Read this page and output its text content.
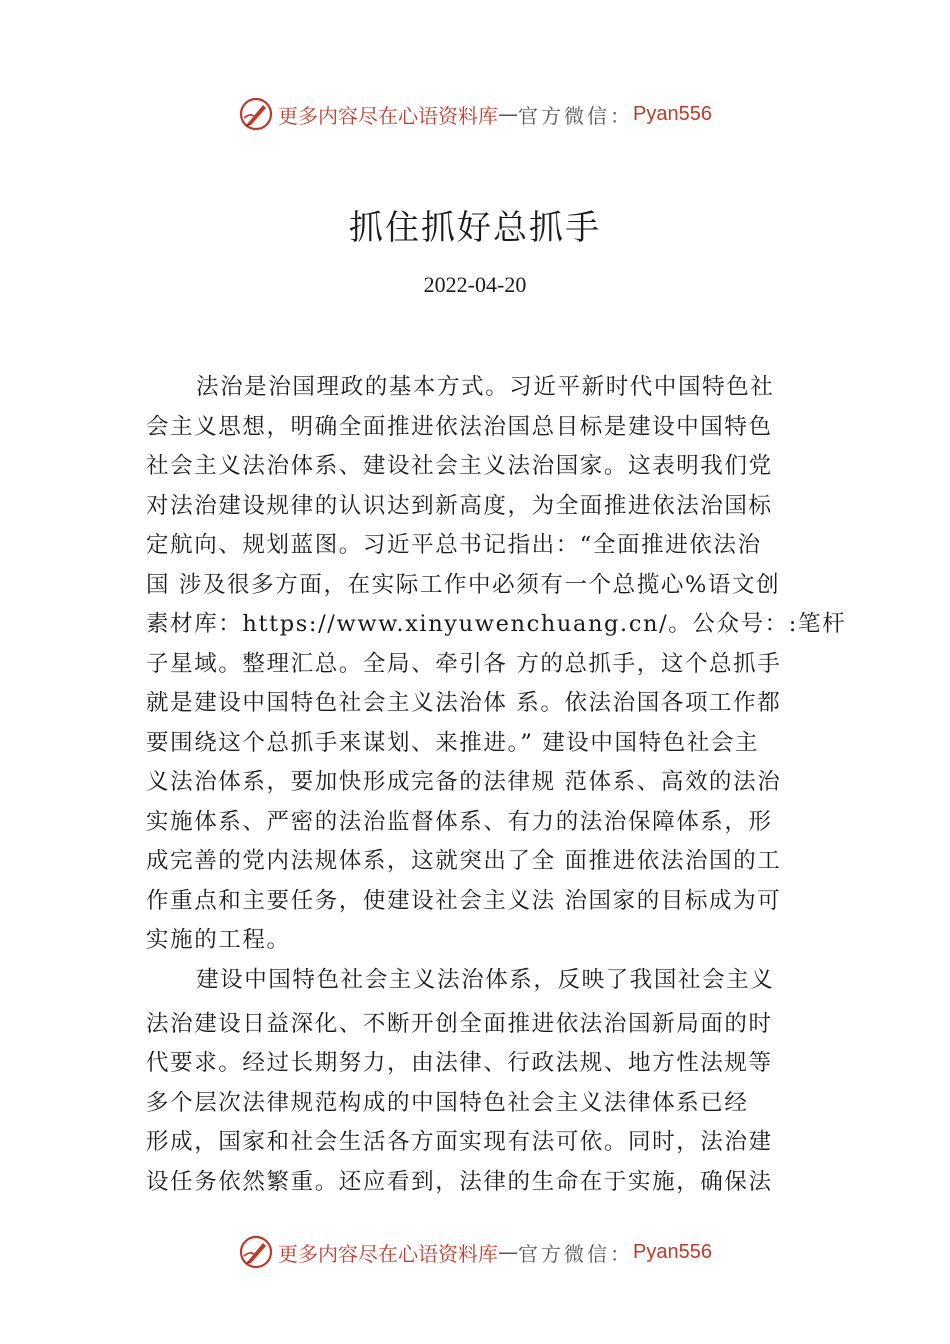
更多内容尽在心语资料库 — 官方微信： Pyan556
抓住抓好总抓手
2022-04-20
法治是治国理政的基本方式。习近平新时代中国特色社
会主义思想，明确全面推进依法治国总目标是建设中国特色
社会主义法治体系、建设社会主义法治国家。这表明我们党
对法治建设规律的认识达到新高度，为全面推进依法治国标
定航向、规划蓝图。习近平总书记指出：“全面推进依法治
国 涉及很多方面，在实际工作中必须有一个总揽心%语文创
素材库：https://www.xinyuwenchuang.cn/。公众号：:笔杆
子星域。整理汇总。全局、牵引各 方的总抓手，这个总抓手
就是建设中国特色社会主义法治体 系。依法治国各项工作都
要围绕这个总抓手来谋划、来推进。” 建设中国特色社会主
义法治体系，要加快形成完备的法律规 范体系、高效的法治
实施体系、严密的法治监督体系、有力的法治保障体系，形
成完善的党内法规体系，这就突出了全 面推进依法治国的工
作重点和主要任务，使建设社会主义法 治国家的目标成为可
实施的工程。
建设中国特色社会主义法治体系，反映了我国社会主义
法治建设日益深化、不断开创全面推进依法治国新局面的时
代要求。经过长期努力，由法律、行政法规、地方性法规等
多个层次法律规范构成的中国特色社会主义法律体系已经
形成，国家和社会生活各方面实现有法可依。同时，法治建
设任务依然繁重。还应看到，法律的生命在于实施，确保法
更多内容尽在心语资料库 — 官方微信： Pyan556
